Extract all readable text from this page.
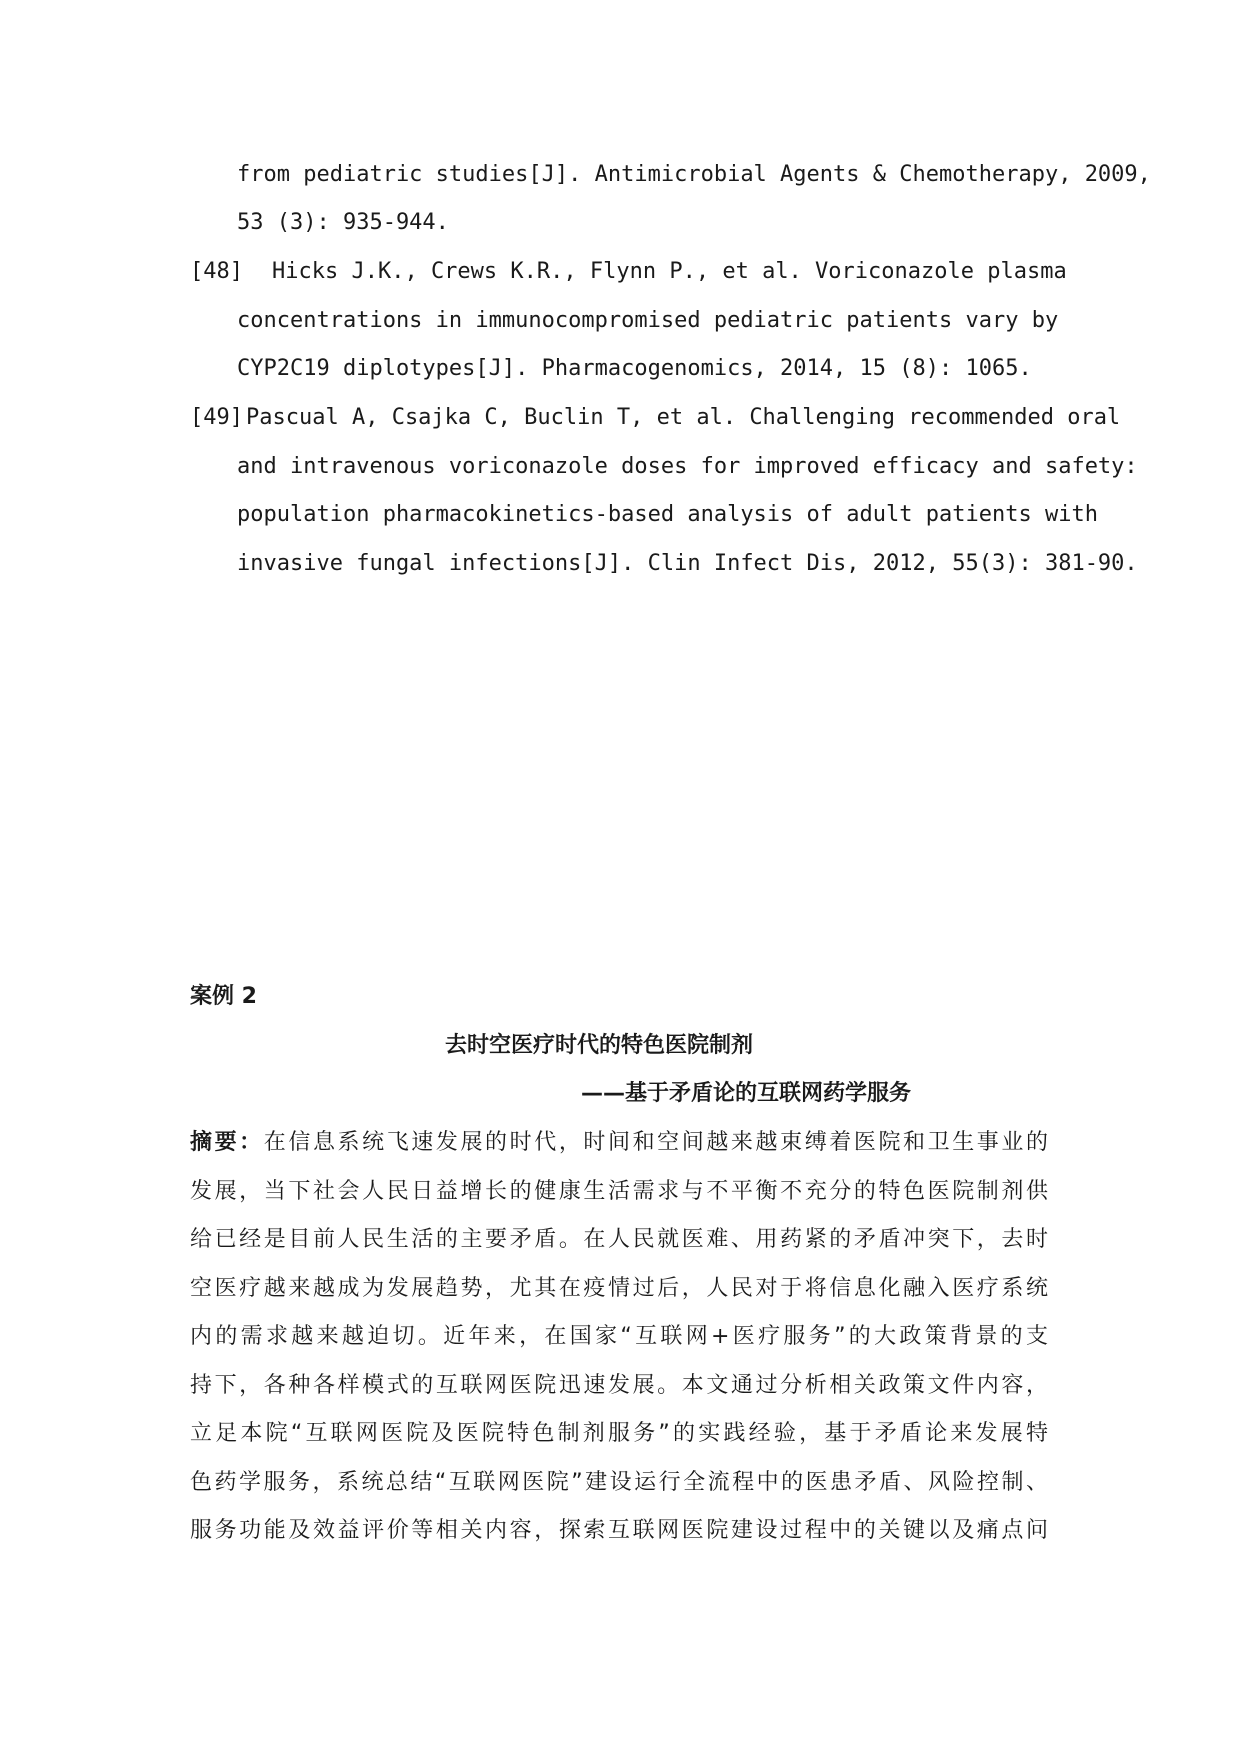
from pediatric studies[J]. Antimicrobial Agents & Chemotherapy, 2009,
53 (3): 935-944.
[48] Hicks J.K., Crews K.R., Flynn P., et al. Voriconazole plasma
concentrations in immunocompromised pediatric patients vary by
CYP2C19 diplotypes[J]. Pharmacogenomics, 2014, 15 (8): 1065.
[49] Pascual A, Csajka C, Buclin T, et al. Challenging recommended oral
and intravenous voriconazole doses for improved efficacy and safety:
population pharmacokinetics-based analysis of adult patients with
invasive fungal infections[J]. Clin Infect Dis, 2012, 55(3): 381-90.
案例 2
去时空医疗时代的特色医院制剂
——基于矛盾论的互联网药学服务
摘要：在信息系统飞速发展的时代，时间和空间越来越束缚着医院和卫生事业的
发展，当下社会人民日益增长的健康生活需求与不平衡不充分的特色医院制剂供
给已经是目前人民生活的主要矛盾。在人民就医难、用药紧的矛盾冲突下，去时
空医疗越来越成为发展趋势，尤其在疫情过后，人民对于将信息化融入医疗系统
内的需求越来越迫切。近年来，在国家“互联网+医疗服务”的大政策背景的支
持下，各种各样模式的互联网医院迅速发展。本文通过分析相关政策文件内容，
立足本院“互联网医院及医院特色制剂服务”的实践经验，基于矛盾论来发展特
色药学服务，系统总结“互联网医院”建设运行全流程中的医患矛盾、风险控制、
服务功能及效益评价等相关内容，探索互联网医院建设过程中的关键以及痛点问
